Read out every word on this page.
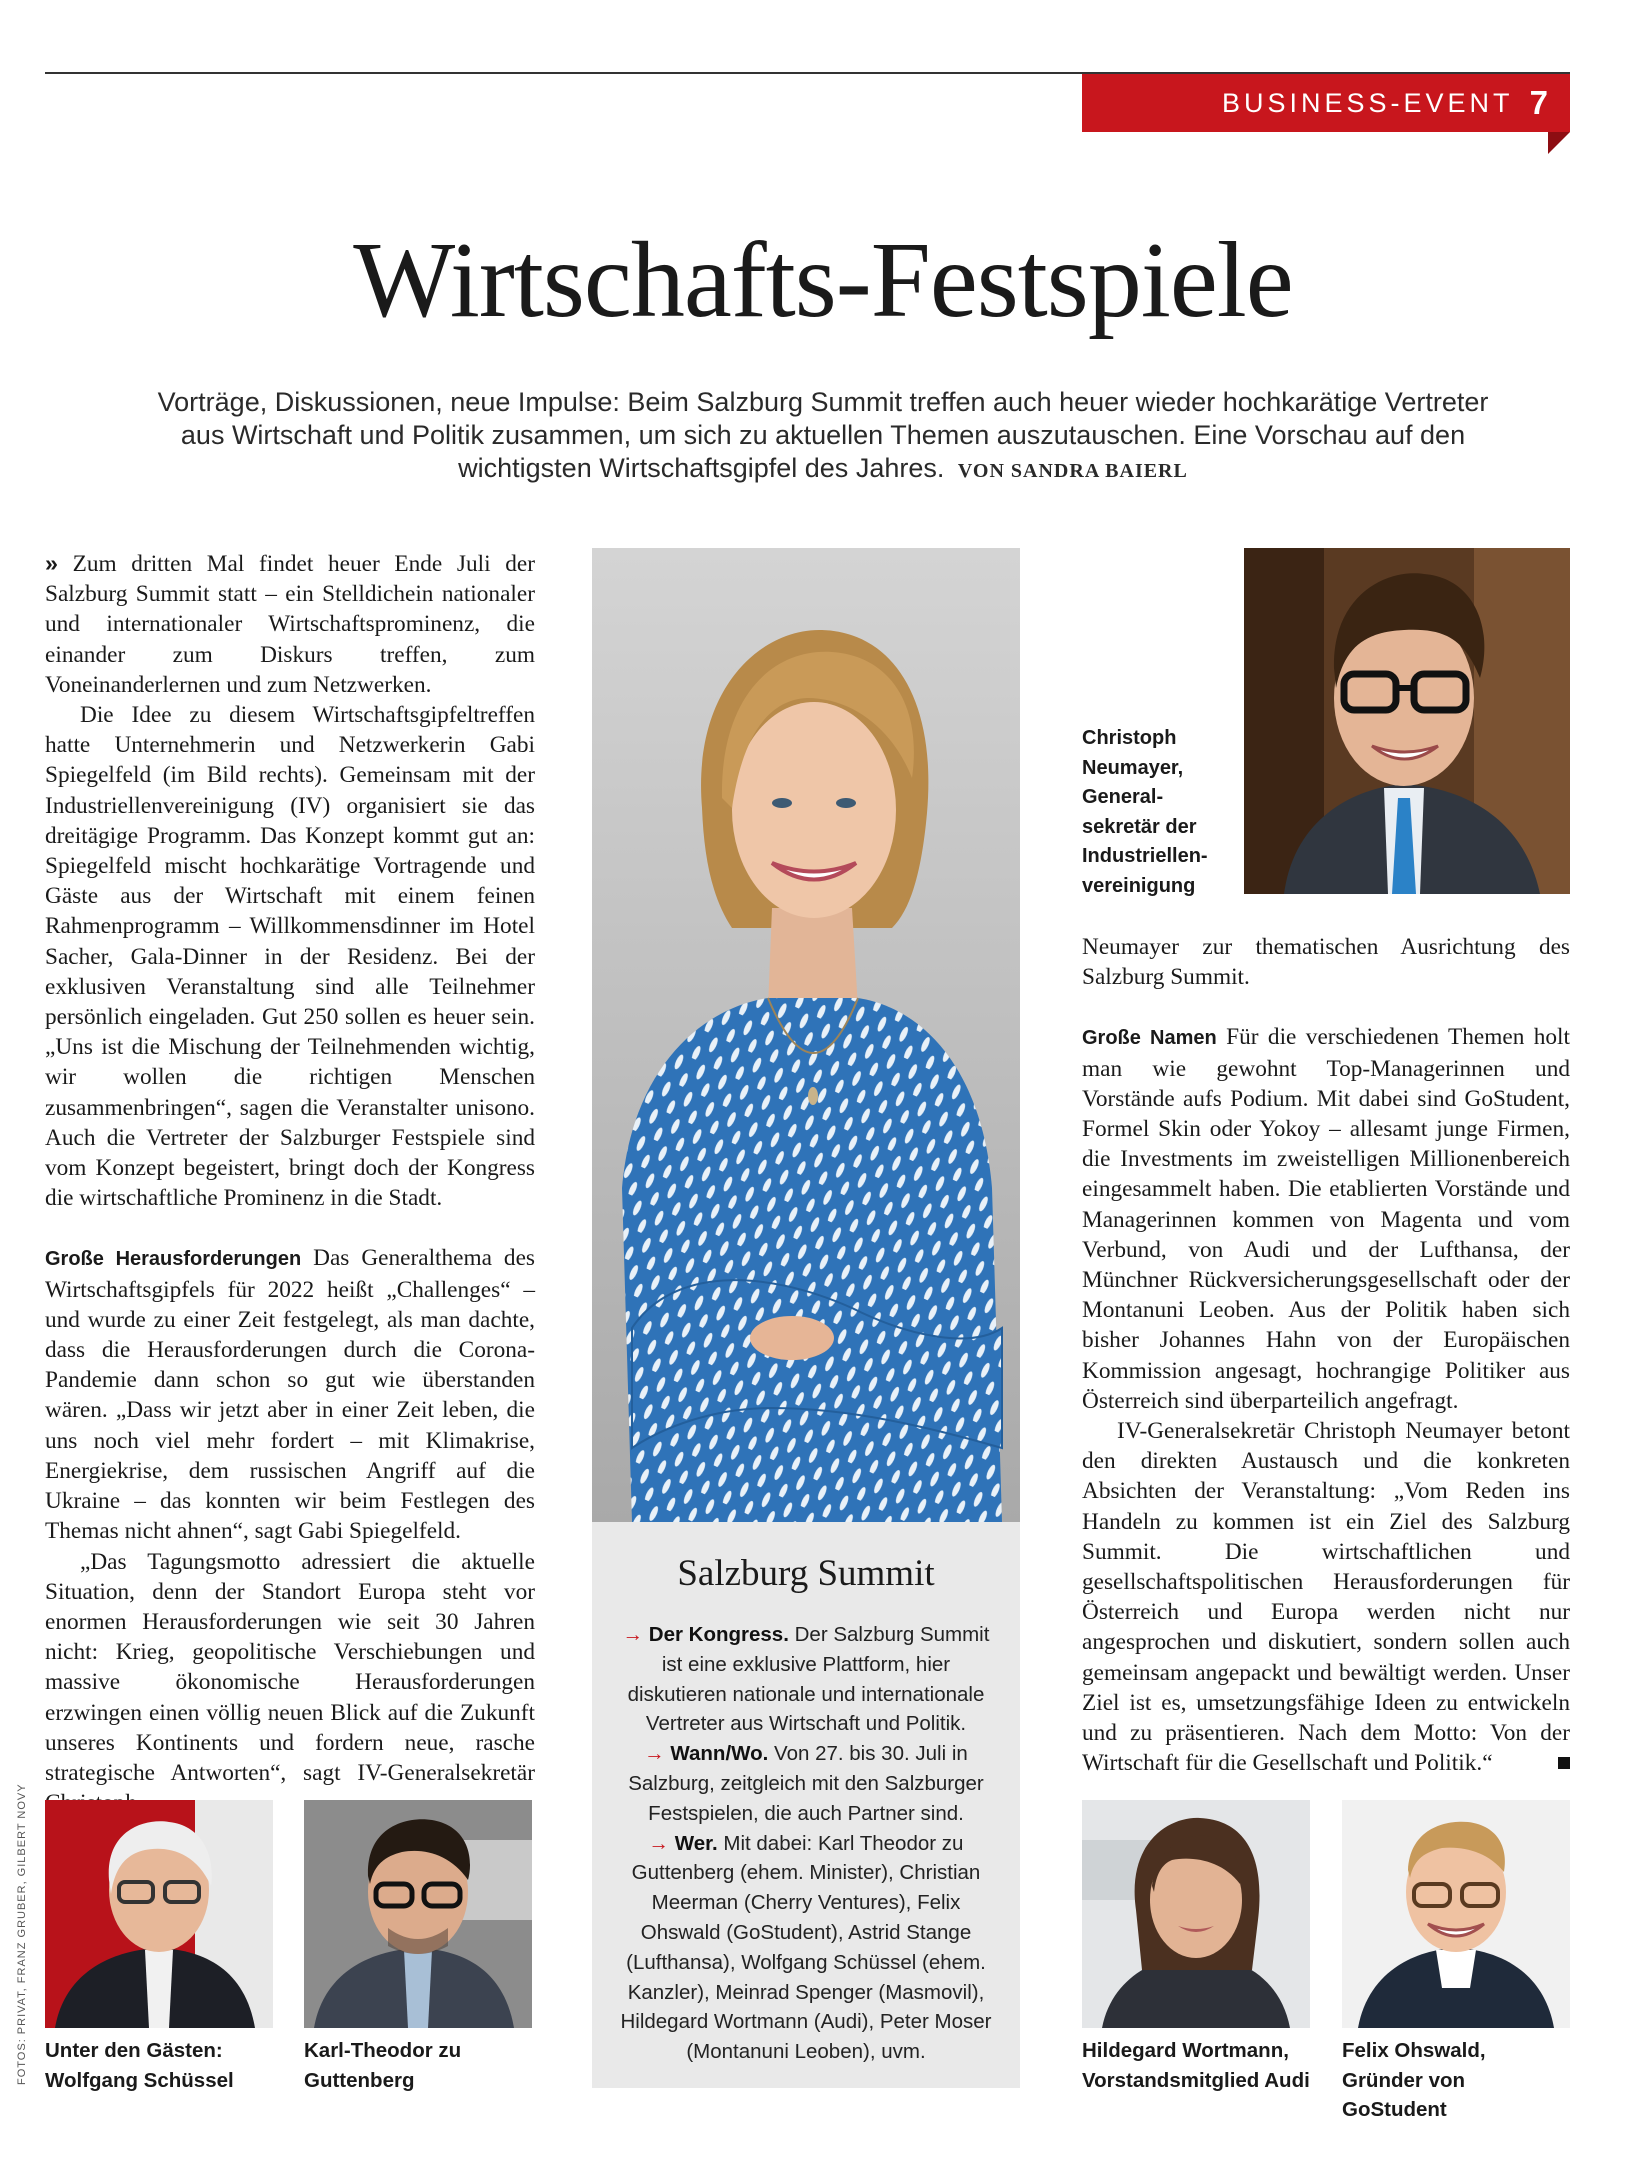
BUSINESS-EVENT 7
Wirtschafts-Festspiele
Vorträge, Diskussionen, neue Impulse: Beim Salzburg Summit treffen auch heuer wieder hochkarätige Vertreter aus Wirtschaft und Politik zusammen, um sich zu aktuellen Themen auszutauschen. Eine Vorschau auf den wichtigsten Wirtschaftsgipfel des Jahres. VON SANDRA BAIERL

» Zum dritten Mal findet heuer Ende Juli der Salzburg Summit statt – ein Stelldichein nationaler und internationaler Wirtschaftsprominenz, die einander zum Diskurs treffen, zum Voneinanderlernen und zum Netzwerken.

Die Idee zu diesem Wirtschaftsgipfeltreffen hatte Unternehmerin und Netzwerkerin Gabi Spiegelfeld (im Bild rechts). Gemeinsam mit der Industriellenvereinigung (IV) organisiert sie das dreitägige Programm. Das Konzept kommt gut an: Spiegelfeld mischt hochkarätige Vortragende und Gäste aus der Wirtschaft mit einem feinen Rahmenprogramm – Willkommensdinner im Hotel Sacher, Gala-Dinner in der Residenz. Bei der exklusiven Veranstaltung sind alle Teilnehmer persönlich eingeladen. Gut 250 sollen es heuer sein. „Uns ist die Mischung der Teilnehmenden wichtig, wir wollen die richtigen Menschen zusammenbringen“, sagen die Veranstalter unisono. Auch die Vertreter der Salzburger Festspiele sind vom Konzept begeistert, bringt doch der Kongress die wirtschaftliche Prominenz in die Stadt.

Große Herausforderungen Das Generalthema des Wirtschaftsgipfels für 2022 heißt „Challenges“ – und wurde zu einer Zeit festgelegt, als man dachte, dass die Herausforderungen durch die Corona-Pandemie dann schon so gut wie überstanden wären. „Dass wir jetzt aber in einer Zeit leben, die uns noch viel mehr fordert – mit Klimakrise, Energiekrise, dem russischen Angriff auf die Ukraine – das konnten wir beim Festlegen des Themas nicht ahnen“, sagt Gabi Spiegelfeld.

„Das Tagungsmotto adressiert die aktuelle Situation, denn der Standort Europa steht vor enormen Herausforderungen wie seit 30 Jahren nicht: Krieg, geopolitische Verschiebungen und massive ökonomische Herausforderungen erzwingen einen völlig neuen Blick auf die Zukunft unseres Kontinents und fordern neue, rasche strategische Antworten“, sagt IV-Generalsekretär

Salzburg Summit
→ Der Kongress. Der Salzburg Summit ist eine exklusive Plattform, hier diskutieren nationale und internationale Vertreter aus Wirtschaft und Politik.
→ Wann/Wo. Von 27. bis 30. Juli in Salzburg, zeitgleich mit den Salzburger Festspielen, die auch Partner sind.
→ Wer. Mit dabei: Karl Theodor zu Guttenberg (ehem. Minister), Christian Meerman (Cherry Ventures), Felix Ohswald (GoStudent), Astrid Stange (Lufthansa), Wolfgang Schüssel (ehem. Kanzler), Meinrad Spenger (Masmovil), Hildegard Wortmann (Audi), Peter Moser (Montanuni Leoben), uvm.
Christoph Neumayer, Generalsekretär der Industriellenvereinigung

Neumayer zur thematischen Ausrichtung des Salzburg Summit.

Große Namen Für die verschiedenen Themen holt man wie gewohnt Top-Managerinnen und Vorstände aufs Podium. Mit dabei sind GoStudent, Formel Skin oder Yokoy – allesamt junge Firmen, die Investments im zweistelligen Millionenbereich eingesammelt haben. Die etablierten Vorstände und Managerinnen kommen von Magenta und vom Verbund, von Audi und der Lufthansa, der Münchner Rückversicherungsgesellschaft oder der Montanuni Leoben. Aus der Politik haben sich bisher Johannes Hahn von der Europäischen Kommission angesagt, hochrangige Politiker aus Österreich sind überparteilich angefragt.

IV-Generalsekretär Christoph Neumayer betont den direkten Austausch und die konkreten Absichten der Veranstaltung: „Vom Reden ins Handeln zu kommen ist ein Ziel des Salzburg Summit. Die wirtschaftlichen und gesellschaftspolitischen Herausforderungen für Österreich und Europa werden nicht nur angesprochen und diskutiert, sondern sollen auch gemeinsam angepackt und bewältigt werden. Unser Ziel ist es, umsetzungsfähige Ideen zu entwickeln und zu präsentieren. Nach dem Motto: Von der Wirtschaft für die Gesellschaft und Politik.“

FOTOS: PRIVAT, FRANZ GRUBER, GILBERT NOVY Unter den Gästen: Wolfgang Schüssel
Karl-Theodor zu Guttenberg
Hildegard Wortmann, Vorstandsmitglied Audi
Felix Ohswald, Gründer von GoStudent
